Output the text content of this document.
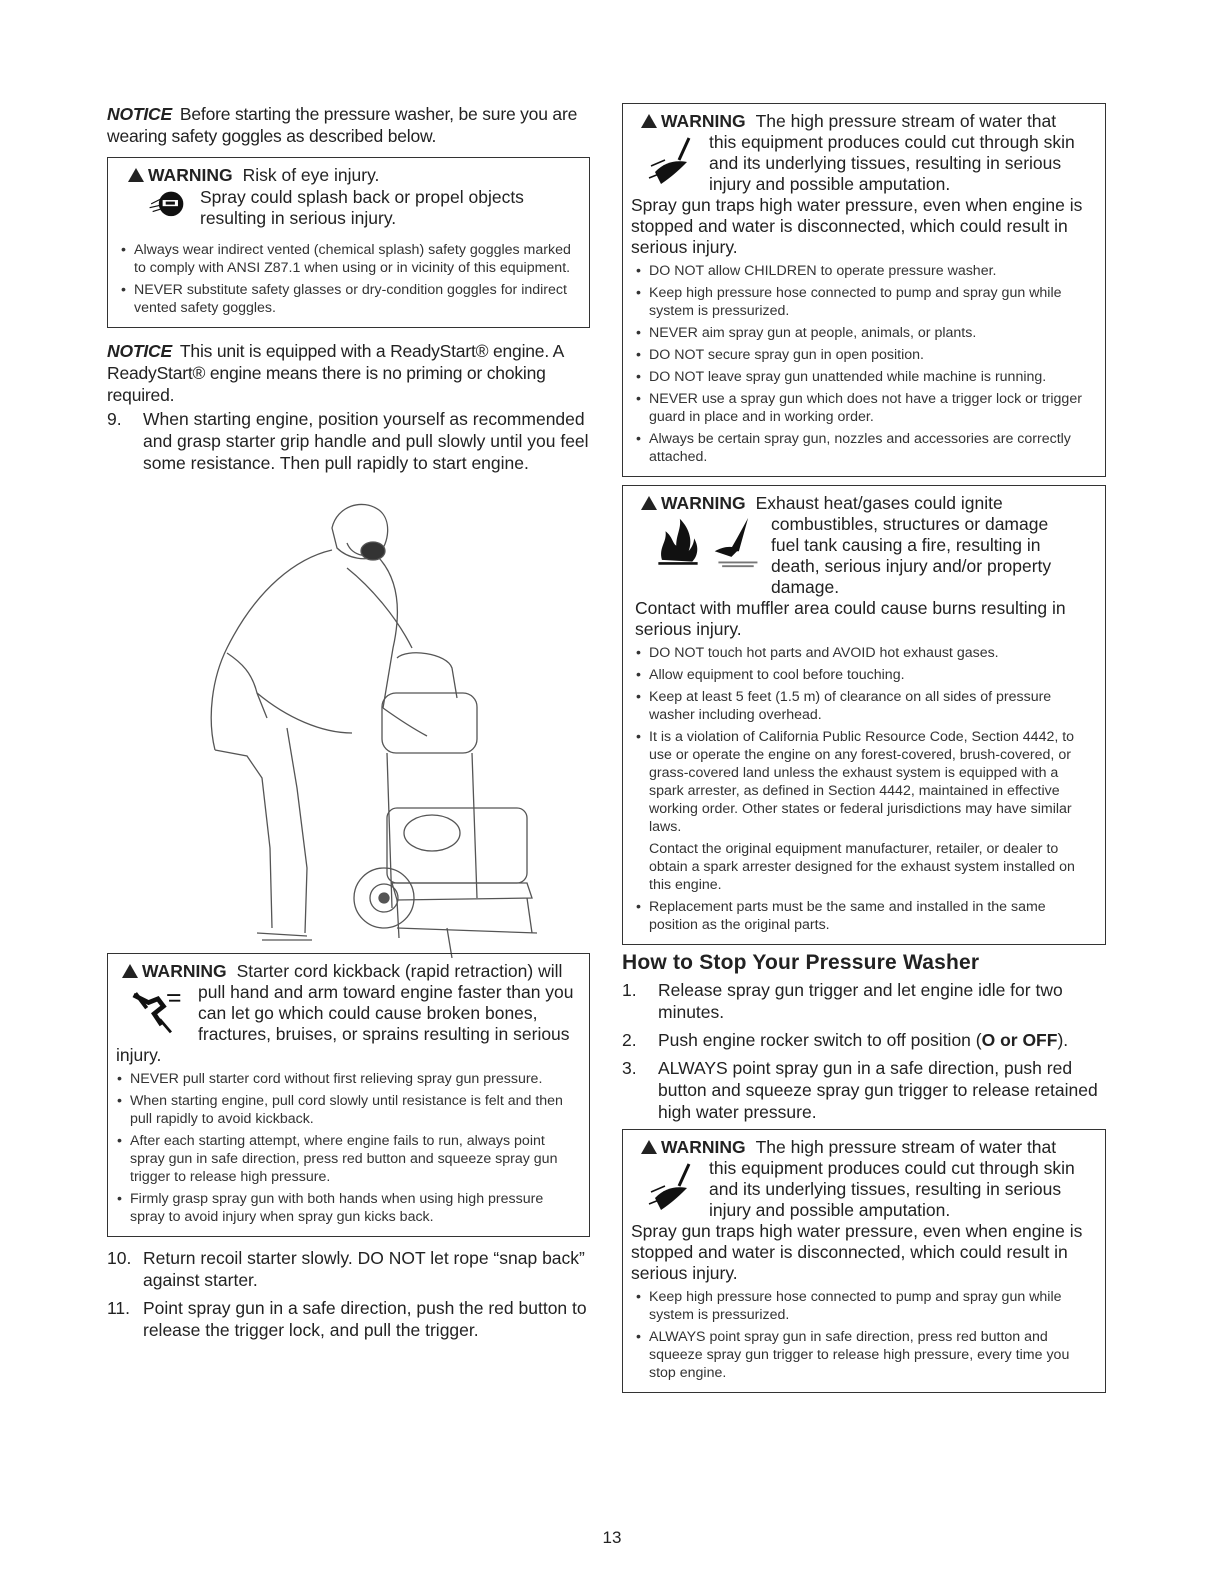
NOTICE Before starting the pressure washer, be sure you are wearing safety goggles as described below.

WARNING Risk of eye injury.
Spray could splash back or propel objects resulting in serious injury.
• Always wear indirect vented (chemical splash) safety goggles marked to comply with ANSI Z87.1 when using or in vicinity of this equipment.
• NEVER substitute safety glasses or dry-condition goggles for indirect vented safety goggles.

NOTICE This unit is equipped with a ReadyStart® engine. A ReadyStart® engine means there is no priming or choking required.

9. When starting engine, position yourself as recommended and grasp starter grip handle and pull slowly until you feel some resistance. Then pull rapidly to start engine.
WARNING Starter cord kickback (rapid retraction) will
pull hand and arm toward engine faster than you can let go which could cause broken bones, fractures, bruises, or sprains resulting in serious
injury.
• NEVER pull starter cord without first relieving spray gun pressure.
• When starting engine, pull cord slowly until resistance is felt and then pull rapidly to avoid kickback.
• After each starting attempt, where engine fails to run, always point spray gun in safe direction, press red button and squeeze spray gun trigger to release high pressure.
• Firmly grasp spray gun with both hands when using high pressure spray to avoid injury when spray gun kicks back.
10. Return recoil starter slowly. DO NOT let rope “snap back” against starter.
11. Point spray gun in a safe direction, push the red button to release the trigger lock, and pull the trigger.
WARNING The high pressure stream of water that
this equipment produces could cut through skin and its underlying tissues, resulting in serious injury and possible amputation.
Spray gun traps high water pressure, even when engine is stopped and water is disconnected, which could result in serious injury.
• DO NOT allow CHILDREN to operate pressure washer.
• Keep high pressure hose connected to pump and spray gun while system is pressurized.
• NEVER aim spray gun at people, animals, or plants.
• DO NOT secure spray gun in open position.
• DO NOT leave spray gun unattended while machine is running.
• NEVER use a spray gun which does not have a trigger lock or trigger guard in place and in working order.
• Always be certain spray gun, nozzles and accessories are correctly attached.
WARNING Exhaust heat/gases could ignite
combustibles, structures or damage fuel tank causing a fire, resulting in death, serious injury and/or property damage.
Contact with muffler area could cause burns resulting in serious injury.
• DO NOT touch hot parts and AVOID hot exhaust gases.
• Allow equipment to cool before touching.
• Keep at least 5 feet (1.5 m) of clearance on all sides of pressure washer including overhead.
• It is a violation of California Public Resource Code, Section 4442, to use or operate the engine on any forest-covered, brush-covered, or grass-covered land unless the exhaust system is equipped with a spark arrester, as defined in Section 4442, maintained in effective working order. Other states or federal jurisdictions may have similar laws.

Contact the original equipment manufacturer, retailer, or dealer to obtain a spark arrester designed for the exhaust system installed on this engine.

• Replacement parts must be the same and installed in the same position as the original parts.
How to Stop Your Pressure Washer
1. Release spray gun trigger and let engine idle for two minutes.
2. Push engine rocker switch to off position (O or OFF).
3. ALWAYS point spray gun in a safe direction, push red button and squeeze spray gun trigger to release retained high water pressure.
WARNING The high pressure stream of water that
this equipment produces could cut through skin and its underlying tissues, resulting in serious injury and possible amputation.
Spray gun traps high water pressure, even when engine is stopped and water is disconnected, which could result in serious injury.
• Keep high pressure hose connected to pump and spray gun while system is pressurized.
• ALWAYS point spray gun in safe direction, press red button and squeeze spray gun trigger to release high pressure, every time you stop engine.
13
